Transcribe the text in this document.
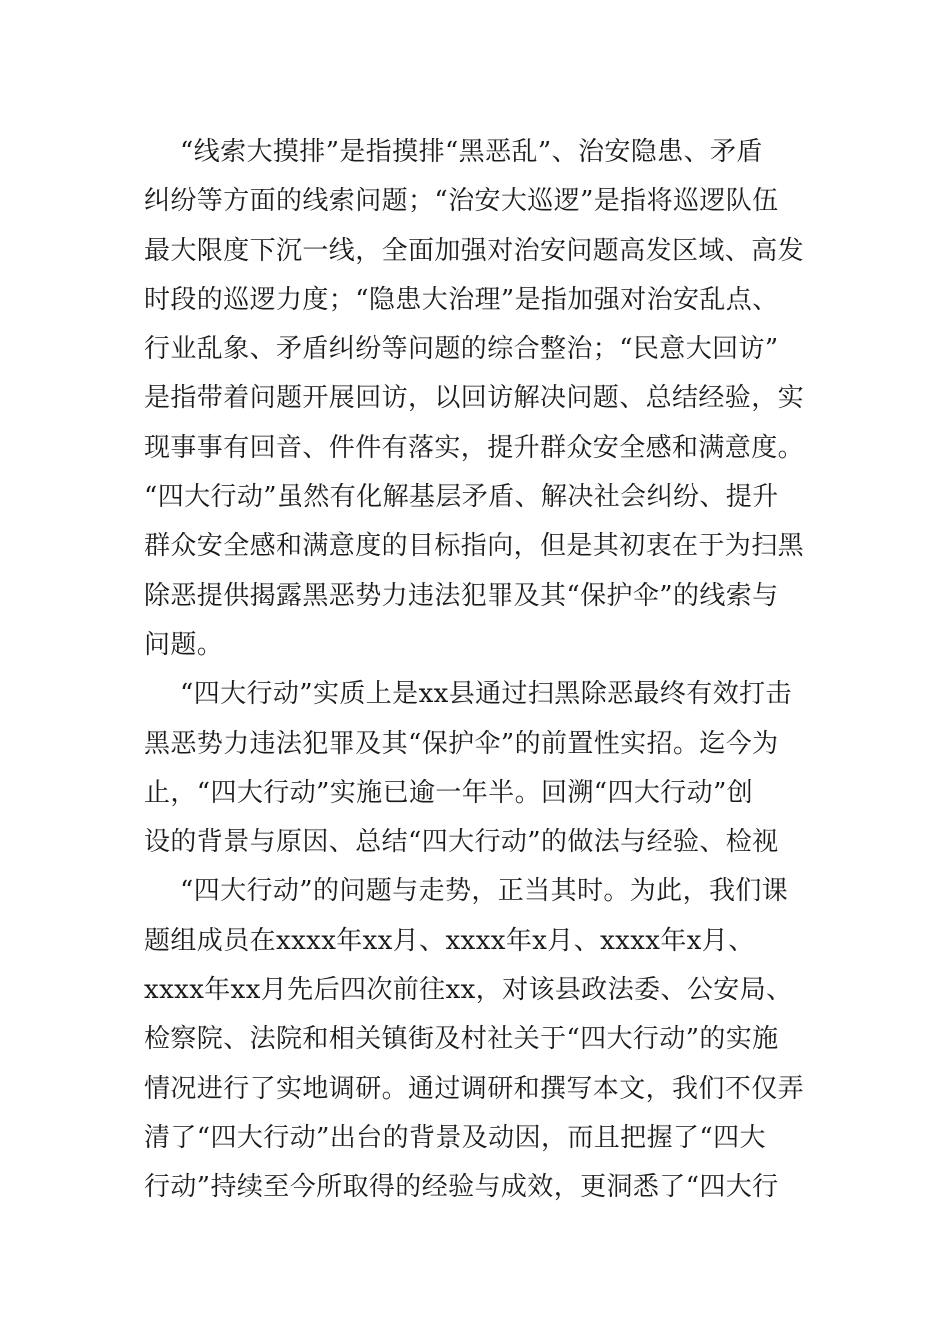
“线索大摸排”是指摸排“黑恶乱”、治安隐患、矛盾
纠纷等方面的线索问题；“治安大巡逻”是指将巡逻队伍
最大限度下沉一线，全面加强对治安问题高发区域、高发
时段的巡逻力度；“隐患大治理”是指加强对治安乱点、
行业乱象、矛盾纠纷等问题的综合整治；“民意大回访”
是指带着问题开展回访，以回访解决问题、总结经验，实
现事事有回音、件件有落实，提升群众安全感和满意度。
“四大行动”虽然有化解基层矛盾、解决社会纠纷、提升
群众安全感和满意度的目标指向，但是其初衷在于为扫黑
除恶提供揭露黑恶势力违法犯罪及其“保护伞”的线索与
问题。
“四大行动”实质上是xx县通过扫黑除恶最终有效打击
黑恶势力违法犯罪及其“保护伞”的前置性实招。迄今为
止，“四大行动”实施已逾一年半。回溯“四大行动”创
设的背景与原因、总结“四大行动”的做法与经验、检视
“四大行动”的问题与走势，正当其时。为此，我们课
题组成员在xxxx年xx月、xxxx年x月、xxxx年x月、
xxxx年xx月先后四次前往xx，对该县政法委、公安局、
检察院、法院和相关镇街及村社关于“四大行动”的实施
情况进行了实地调研。通过调研和撰写本文，我们不仅弄
清了“四大行动”出台的背景及动因，而且把握了“四大
行动”持续至今所取得的经验与成效，更洞悉了“四大行
